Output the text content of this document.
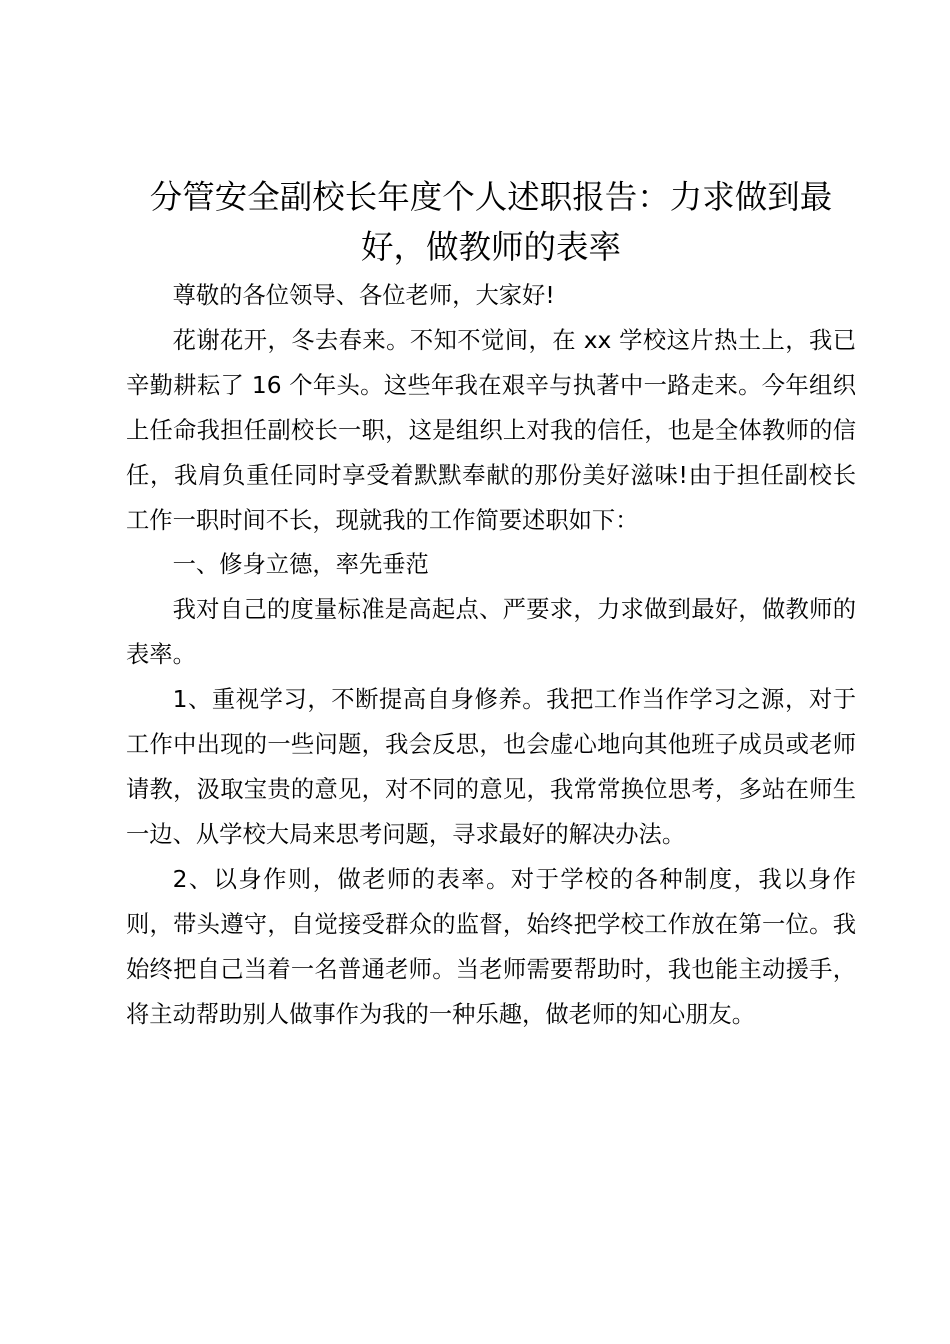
分管安全副校长年度个人述职报告：力求做到最好，做教师的表率

尊敬的各位领导、各位老师，大家好!

花谢花开，冬去春来。不知不觉间，在 xx 学校这片热土上，我已辛勤耕耘了 16 个年头。这些年我在艰辛与执著中一路走来。今年组织上任命我担任副校长一职，这是组织上对我的信任，也是全体教师的信任，我肩负重任同时享受着默默奉献的那份美好滋味!由于担任副校长工作一职时间不长，现就我的工作简要述职如下：

一、修身立德，率先垂范

我对自己的度量标准是高起点、严要求，力求做到最好，做教师的表率。

1、重视学习，不断提高自身修养。我把工作当作学习之源，对于工作中出现的一些问题，我会反思，也会虚心地向其他班子成员或老师请教，汲取宝贵的意见，对不同的意见，我常常换位思考，多站在师生一边、从学校大局来思考问题，寻求最好的解决办法。

2、以身作则，做老师的表率。对于学校的各种制度，我以身作则，带头遵守，自觉接受群众的监督，始终把学校工作放在第一位。我始终把自己当着一名普通老师。当老师需要帮助时，我也能主动援手，将主动帮助别人做事作为我的一种乐趣，做老师的知心朋友。
